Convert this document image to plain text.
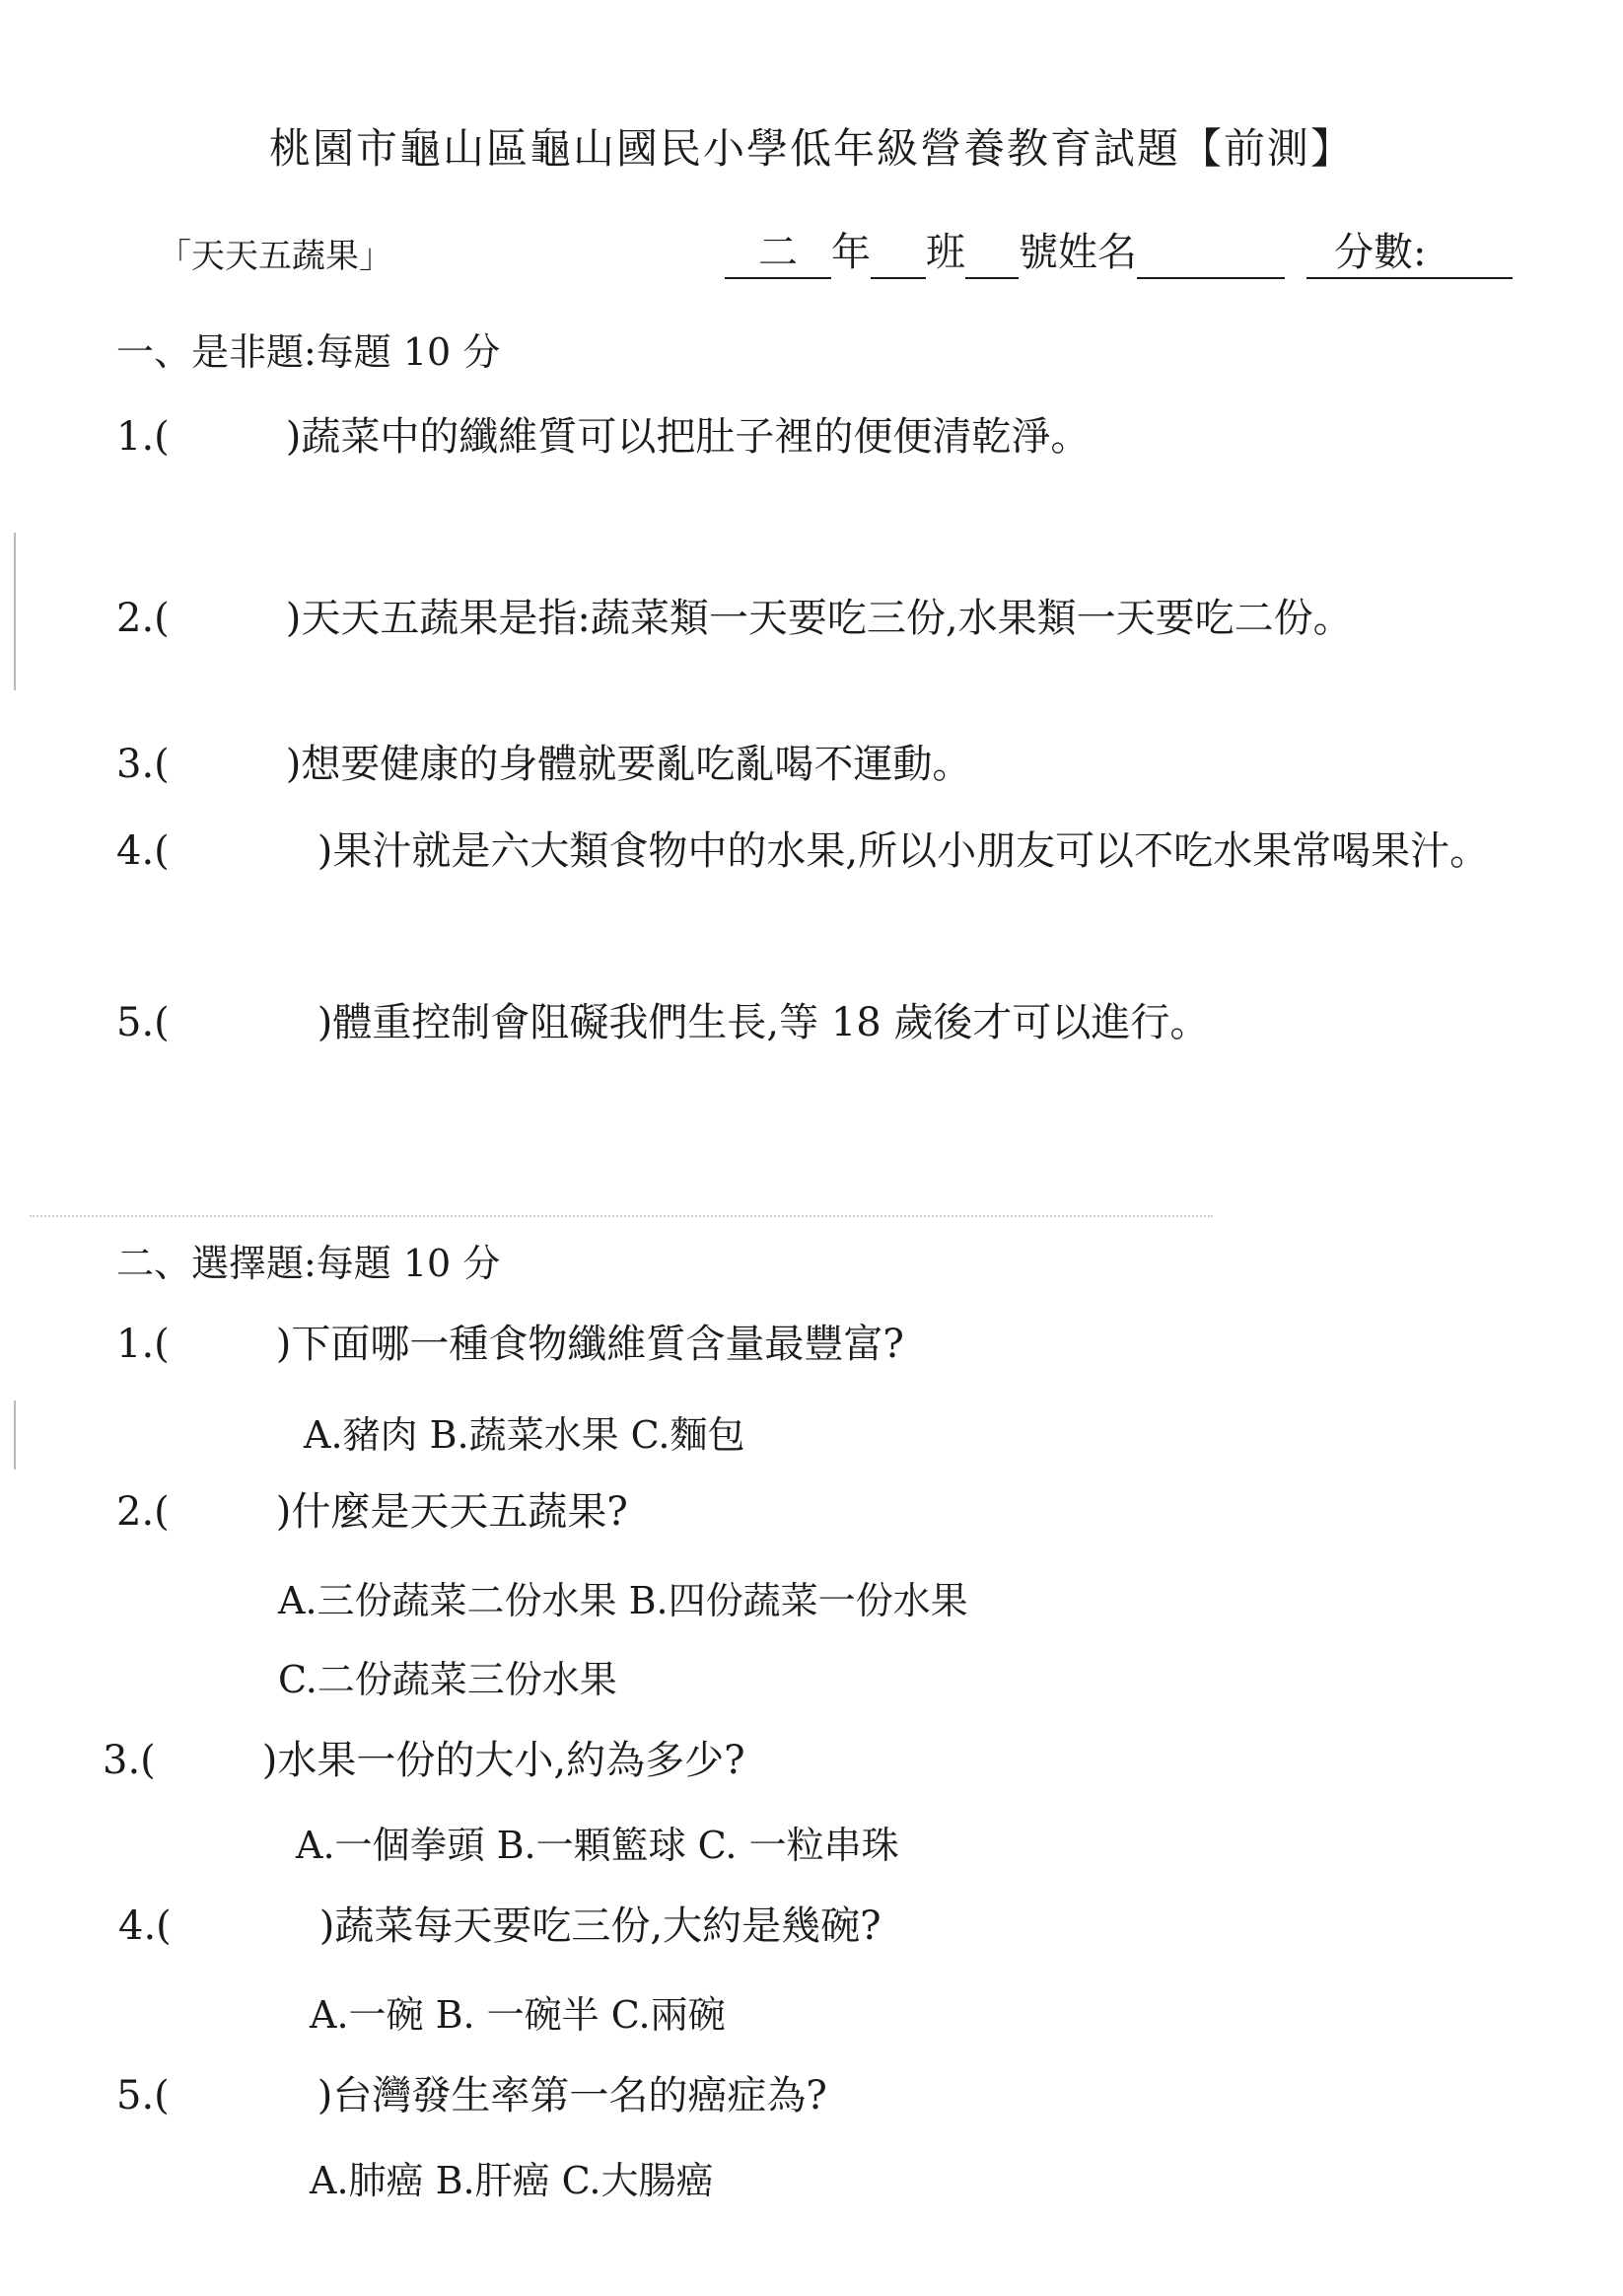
桃園市龜山區龜山國民小學低年級營養教育試題【前測】
「天天五蔬果」	二 年 班 號姓名	分數:
一、是非題:每題 10 分
1.(	)蔬菜中的纖維質可以把肚子裡的便便清乾淨。
2.(	)天天五蔬果是指:蔬菜類一天要吃三份,水果類一天要吃二份。
3.(	)想要健康的身體就要亂吃亂喝不運動。
4.(	)果汁就是六大類食物中的水果,所以小朋友可以不吃水果常喝果汁。
5.(	)體重控制會阻礙我們生長,等 18 歲後才可以進行。
二、選擇題:每題 10 分
1.(	)下面哪一種食物纖維質含量最豐富?
A.豬肉 B.蔬菜水果 C.麵包
2.(	)什麼是天天五蔬果?
A.三份蔬菜二份水果 B.四份蔬菜一份水果
C.二份蔬菜三份水果
3.(	)水果一份的大小,約為多少?
A.一個拳頭 B.一顆籃球 C. 一粒串珠
4.(	)蔬菜每天要吃三份,大約是幾碗?
A.一碗 B. 一碗半 C.兩碗
5.(	)台灣發生率第一名的癌症為?
A.肺癌 B.肝癌 C.大腸癌
